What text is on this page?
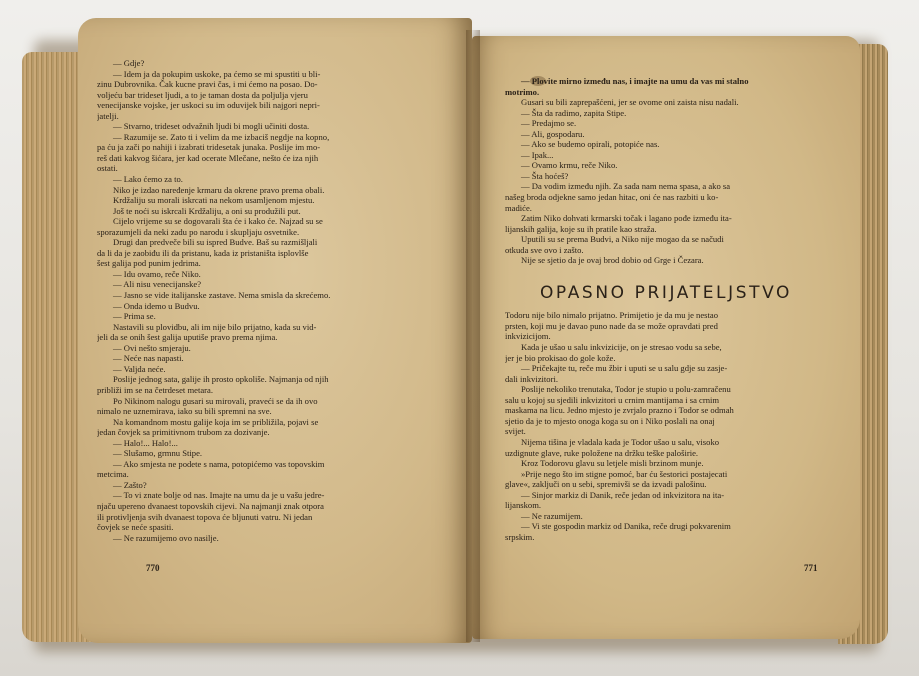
— Gdje?
— Idem ja da pokupim uskoke, pa ćemo se mi spustiti u bli-
zinu Dubrovnika. Čak kucne pravi čas, i mi ćemo na posao. Do-
voljeću bar trideset ljudi, a to je taman dosta da poljulja vjeru
venecijanske vojske, jer uskoci su im oduvijek bili najgori nepri-
jatelji.
— Stvarno, trideset odvažnih ljudi bi mogli učiniti dosta.
— Razumije se. Zato ti i velim da me izbaciš negdje na kopno,
pa ću ja zači po nahiji i izabrati tridesetak junaka. Poslije im mo-
reš dati kakvog šićara, jer kad ocerate Mlečane, nešto će iza njih
ostati.
— Lako ćemo za to.
Niko je izdao naređenje krmaru da okrene pravo prema obali.
Krdžaliju su morali iskrcati na nekom usamljenom mjestu.
Još te noći su iskrcali Krdžaliju, a oni su produžili put.
Cijelo vrijeme su se dogovarali šta će i kako će. Najzad su se
sporazumjeli da neki zadu po narodu i skupljaju osvetnike.
Drugi dan predveče bili su ispred Budve. Baš su razmišljali
da li da je zaobiđu ili da pristanu, kada iz pristaništa isplovlše
šest galija pod punim jedrima.
— Idu ovamo, reče Niko.
— Ali nisu venecijanske?
— Jasno se vide italijanske zastave. Nema smisla da skrećemo.
— Onda idemo u Budvu.
— Prima se.
Nastavili su plovidbu, ali im nije bilo prijatno, kada su vid-
jeli da se onih šest galija uputiše pravo prema njima.
— Ovi nešto smjeraju.
— Neće nas napasti.
— Valjda neće.
Poslije jednog sata, galije ih prosto opkoliše. Najmanja od njih
približi im se na četrdeset metara.
Po Nikinom nalogu gusari su mirovali, praveći se da ih ovo
nimalo ne uznemirava, iako su bili spremni na sve.
Na komandnom mostu galije koja im se približila, pojavi se
jedan čovjek sa primitivnom trubom za dozivanje.
— Halo!... Halo!...
— Slušamo, grmnu Stipe.
— Ako smjesta ne podete s nama, potopićemo vas topovskim
metcima.
— Zašto?
— To vi znate bolje od nas. Imajte na umu da je u vašu jedre-
njaču upereno dvanaest topovskih cijevi. Na najmanji znak otpora
ili protivljenja svih dvanaest topova će bljunuti vatru. Ni jedan
čovjek se neće spasiti.
— Ne razumijemo ovo nasilje.
770
— Plovite mirno između nas, i imajte na umu da vas mi stalno
motrimo.
Gusari su bili zaprepašćeni, jer se ovome oni zaista nisu nadali.
— Šta da radimo, zapita Stipe.
— Predajmo se.
— Ali, gospodaru.
— Ako se budemo opirali, potopiće nas.
— Ipak...
— Ovamo krmu, reče Niko.
— Šta hoćeš?
— Da vodim između njih. Za sada nam nema spasa, a ako sa
našeg broda odjekne samo jedan hitac, oni će nas razbiti u ko-
madiće.
Zatim Niko dohvati krmarski točak i lagano pođe između ita-
lijanskih galija, koje su ih pratile kao straža.
Uputili su se prema Budvi, a Niko nije mogao da se načudi
otkuda sve ovo i zašto.
Nije se sjetio da je ovaj brod dobio od Grge i Čezara.
OPASNO PRIJATELJSTVO
Todoru nije bilo nimalo prijatno. Primijetio je da mu je nestao
prsten, koji mu je davao puno nade da se može opravdati pred
inkvizicijom.
Kada je ušao u salu inkvizicije, on je stresao vodu sa sebe,
jer je bio prokisao do gole kože.
— Pričekajte tu, reče mu žbir i uputi se u salu gdje su zasje-
dali inkvizitori.
Poslije nekoliko trenutaka, Todor je stupio u polu-zamračenu
salu u kojoj su sjedili inkvizitori u crnim mantijama i sa crnim
maskama na licu. Jedno mjesto je zvrjalo prazno i Todor se odmah
sjetio da je to mjesto onoga koga su on i Niko poslali na onaj
svijet.
Nijema tišina je vladala kada je Todor ušao u salu, visoko
uzdignute glave, ruke položene na držku teške paloširie.
Kroz Todorovu glavu su letjele misli brzinom munje.
»Prije nego što im stigne pomoć, bar ću šestorici postajecati
glave«, zaključi on u sebi, spremivši se da izvadi palošinu.
— Sinjor markiz di Danik, reče jedan od inkvizitora na ita-
lijanskom.
— Ne razumijem.
— Vi ste gospodin markiz od Danika, reče drugi pokvarenim
srpskim.
771
